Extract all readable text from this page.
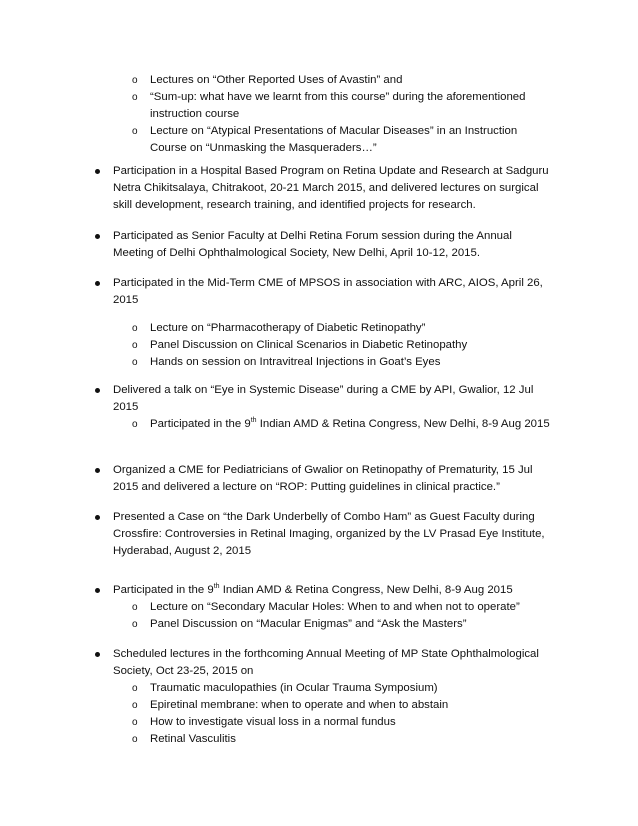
o	Lectures on “Other Reported Uses of Avastin” and
o	“Sum-up: what have we learnt from this course” during the aforementioned instruction course
o	Lecture on “Atypical Presentations of Macular Diseases” in an Instruction Course on “Unmasking the Masqueraders…”
Participation in a Hospital Based Program on Retina Update and Research at Sadguru Netra Chikitsalaya, Chitrakoot, 20-21 March 2015, and delivered lectures on surgical skill development, research training, and identified projects for research.
Participated as Senior Faculty at Delhi Retina Forum session during the Annual Meeting of Delhi Ophthalmological Society, New Delhi, April 10-12, 2015.
Participated in the Mid-Term CME of MPSOS in association with ARC, AIOS, April 26, 2015
o	Lecture on “Pharmacotherapy of Diabetic Retinopathy”
o	Panel Discussion on Clinical Scenarios in Diabetic Retinopathy
o	Hands on session on Intravitreal Injections in Goat’s Eyes
Delivered a talk on “Eye in Systemic Disease” during a CME by API, Gwalior, 12 Jul 2015
o	Participated in the 9th Indian AMD & Retina Congress, New Delhi, 8-9 Aug 2015
Organized a CME for Pediatricians of Gwalior on Retinopathy of Prematurity, 15 Jul 2015 and delivered a lecture on “ROP: Putting guidelines in clinical practice.”
Presented a Case on “the Dark Underbelly of Combo Ham” as Guest Faculty during Crossfire: Controversies in Retinal Imaging, organized by the LV Prasad Eye Institute, Hyderabad, August 2, 2015
Participated in the 9th Indian AMD & Retina Congress, New Delhi, 8-9 Aug 2015
o	Lecture on “Secondary Macular Holes: When to and when not to operate”
o	Panel Discussion on “Macular Enigmas” and “Ask the Masters”
Scheduled lectures in the forthcoming Annual Meeting of MP State Ophthalmological Society, Oct 23-25, 2015 on
o	Traumatic maculopathies (in Ocular Trauma Symposium)
o	Epiretinal membrane: when to operate and when to abstain
o	How to investigate visual loss in a normal fundus
o	Retinal Vasculitis
